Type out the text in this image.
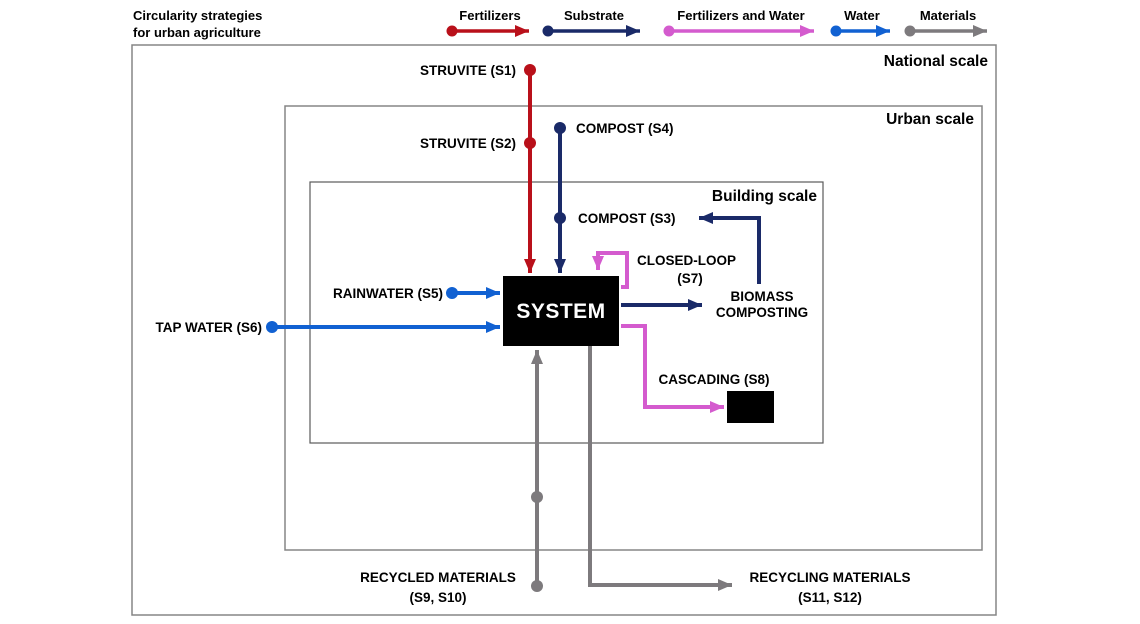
Circularity strategies
for urban agriculture
Fertilizers	Substrate	Fertilizers and Water	Water	Materials
National scale
Urban scale
Building scale
STRUVITE (S1)
STRUVITE (S2)
COMPOST (S4)
COMPOST (S3)
BIOMASS
COMPOSTING
CLOSED-LOOP
(S7)
CASCADING (S8)
RAINWATER (S5)
TAP WATER (S6)
RECYCLED MATERIALS
(S9, S10)
RECYCLING MATERIALS
(S11, S12)
SYSTEM
